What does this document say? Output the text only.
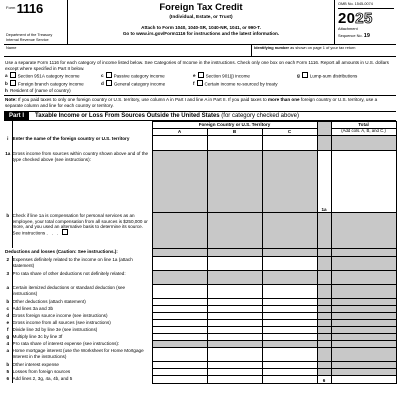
Form 1116
Department of the Treasury
Internal Revenue Service
Foreign Tax Credit
(Individual, Estate, or Trust)
Attach to Form 1040, 1040-SR, 1040-NR, 1041, or 990-T.
Go to www.irs.gov/Form1116 for instructions and the latest information.
OMB No. 1545-0074
2025
Attachment
Sequence No. 19
Name	Identifying number as shown on page 1 of your tax return
Use a separate Form 1116 for each category of income listed below. See Categories of Income in the instructions. Check only one box on each Form 1116. Report all amounts in U.S. dollars except where specified in Part II below.
a Section 951A category income	c Passive category income	e Section 901(j) income	g Lump-sum distributions
b Foreign branch category income	d General category income	f Certain income re-sourced by treaty
h Resident of (name of country)
Note: If you paid taxes to only one foreign country or U.S. territory, use column A in Part I and line A in Part II. If you paid taxes to more than one foreign country or U.S. territory, use a separate column and line for each country or territory.
Part I	Taxable Income or Loss From Sources Outside the United States (for category checked above)
		Foreign Country or U.S. Territory				Total
		A	B	C		(Add cols. A, B, and C.)
i	Enter the name of the foreign country or U.S. territory					
1a	Gross income from sources within country shown above and of the type checked above (see instructions):				1a	
b	Check if line 1a is compensation for personal services as an employee, your total compensation from all sources is $250,000 or more, and you used an alternative basis to determine its source. See instructions . . .					
Deductions and losses (Caution: See instructions.):						
2	Expenses definitely related to the income on line 1a (attach statement)					
3	Pro rata share of other deductions not definitely related:					
a	Certain itemized deductions or standard deduction (see instructions)					
b	Other deductions (attach statement)					
c	Add lines 3a and 3b					
d	Gross foreign source income (see instructions)					
e	Gross income from all sources (see instructions)					
f	Divide line 3d by line 3e (see instructions)					
g	Multiply line 3c by line 3f					
4	Pro rata share of interest expense (see instructions):					
a	Home mortgage interest (use the Worksheet for Home Mortgage Interest in the instructions)					
b	Other interest expense					
5	Losses from foreign sources					
6	Add lines 2, 3g, 4a, 4b, and 5				6	
